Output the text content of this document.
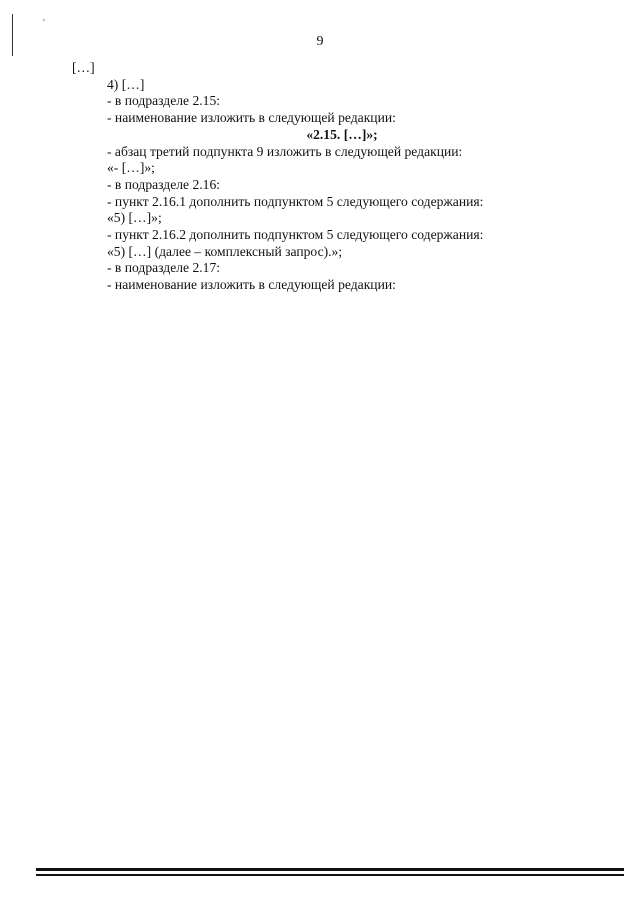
'
9

[…]

4) […]

- в подразделе 2.15:

- наименование изложить в следующей редакции:

«2.15. […]»;

- абзац третий подпункта 9 изложить в следующей редакции:

«- […]»;

- в подразделе 2.16:

- пункт 2.16.1 дополнить подпунктом 5 следующего содержания:

«5) […]»;

- пункт 2.16.2 дополнить подпунктом 5 следующего содержания:

«5) […] (далее – комплексный запрос).»;

- в подразделе 2.17:

- наименование изложить в следующей редакции:
